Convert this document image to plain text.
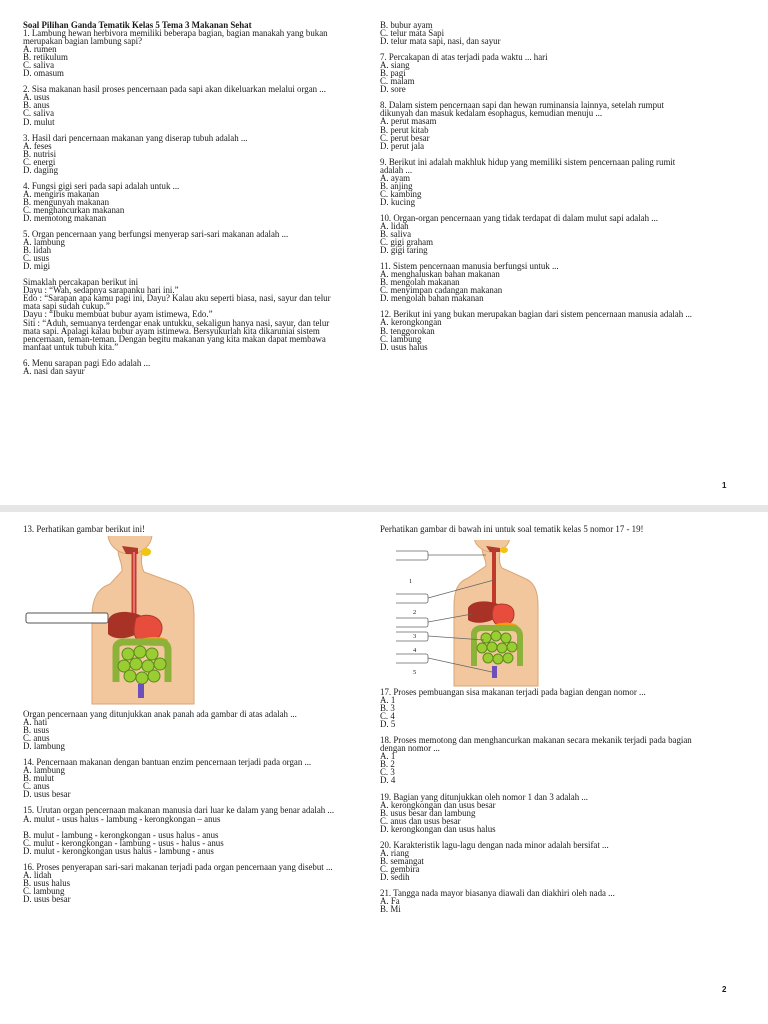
Soal Pilihan Ganda Tematik Kelas 5 Tema 3 Makanan Sehat
1. Lambung hewan herbivora memiliki beberapa bagian, bagian manakah yang bukan
merupakan bagian lambung sapi?
A. rumen
B. retikulum
C. saliva
D. omasum
2. Sisa makanan hasil proses pencernaan pada sapi akan dikeluarkan melalui organ ...
A. usus
B. anus
C. saliva
D. mulut
3. Hasil dari pencernaan makanan yang diserap tubuh adalah ...
A. feses
B. nutrisi
C. energi
D. daging
4. Fungsi gigi seri pada sapi adalah untuk ...
A. mengiris makanan
B. mengunyah makanan
C. menghancurkan makanan
D. memotong makanan
5. Organ pencernaan yang berfungsi menyerap sari-sari makanan adalah ...
A. lambung
B. lidah
C. usus
D. migi
Simaklah percakapan berikut ini
Dayu : “Wah, sedapnya sarapanku hari ini.”
Edo : “Sarapan apa kamu pagi ini, Dayu? Kalau aku seperti biasa, nasi, sayur dan telur
mata sapi sudah cukup.”
Dayu : “Ibuku membuat bubur ayam istimewa, Edo.”
Siti : “Aduh, semuanya terdengar enak untukku, sekaligun hanya nasi, sayur, dan telur
mata sapi. Apalagi kalau bubur ayam istimewa. Bersyukurlah kita dikaruniai sistem
pencernaan, teman-teman. Dengan begitu makanan yang kita makan dapat membawa
manfaat untuk tubuh kita.”
6. Menu sarapan pagi Edo adalah ...
A. nasi dan sayur
B. bubur ayam
C. telur mata Sapi
D. telur mata sapi, nasi, dan sayur
7. Percakapan di atas terjadi pada waktu ... hari
A. siang
B. pagi
C. malam
D. sore
8. Dalam sistem pencernaan sapi dan hewan ruminansia lainnya, setelah rumput
dikunyah dan masuk kedalam esophagus, kemudian menuju ...
A. perut masam
B. perut kitab
C. perut besar
D. perut jala
9. Berikut ini adalah makhluk hidup yang memiliki sistem pencernaan paling rumit
adalah ...
A. ayam
B. anjing
C. kambing
D. kucing
10. Organ-organ pencernaan yang tidak terdapat di dalam mulut sapi adalah ...
A. lidah
B. saliva
C. gigi graham
D. gigi taring
11. Sistem pencernaan manusia berfungsi untuk ...
A. menghaluskan bahan makanan
B. mengolah makanan
C. menyimpan cadangan makanan
D. mengolah bahan makanan
12. Berikut ini yang bukan merupakan bagian dari sistem pencernaan manusia adalah ...
A. kerongkongan
B. tenggorokan
C. lambung
D. usus halus
1
13. Perhatikan gambar berikut ini!
Organ pencernaan yang ditunjukkan anak panah ada gambar di atas adalah ...
A. hati
B. usus
C. anus
D. lambung
14. Pencernaan makanan dengan bantuan enzim pencernaan terjadi pada organ ...
A. lambung
B. mulut
C. anus
D. usus besar
15. Urutan organ pencernaan makanan manusia dari luar ke dalam yang benar adalah ...
A. mulut - usus halus - lambung - kerongkongan – anus
B. mulut - lambung - kerongkongan - usus halus - anus
C. mulut - kerongkongan - lambung - usus - halus - anus
D. mulut - kerongkongan usus halus - lambung - anus
16. Proses penyerapan sari-sari makanan terjadi pada organ pencernaan yang disebut ...
A. lidah
B. usus halus
C. lambung
D. usus besar
Perhatikan gambar di bawah ini untuk soal tematik kelas 5 nomor 17 - 19!
1
2
3
4
5
17. Proses pembuangan sisa makanan terjadi pada bagian dengan nomor ...
A. 1
B. 3
C. 4
D. 5
18. Proses memotong dan menghancurkan makanan secara mekanik terjadi pada bagian
dengan nomor ...
A. 1
B. 2
C. 3
D. 4
19. Bagian yang ditunjukkan oleh nomor 1 dan 3 adalah ...
A. kerongkongan dan usus besar
B. usus besar dan lambung
C. anus dan usus besar
D. kerongkongan dan usus halus
20. Karakteristik lagu-lagu dengan nada minor adalah bersifat ...
A. riang
B. semangat
C. gembira
D. sedih
21. Tangga nada mayor biasanya diawali dan diakhiri oleh nada ...
A. Fa
B. Mi
2
